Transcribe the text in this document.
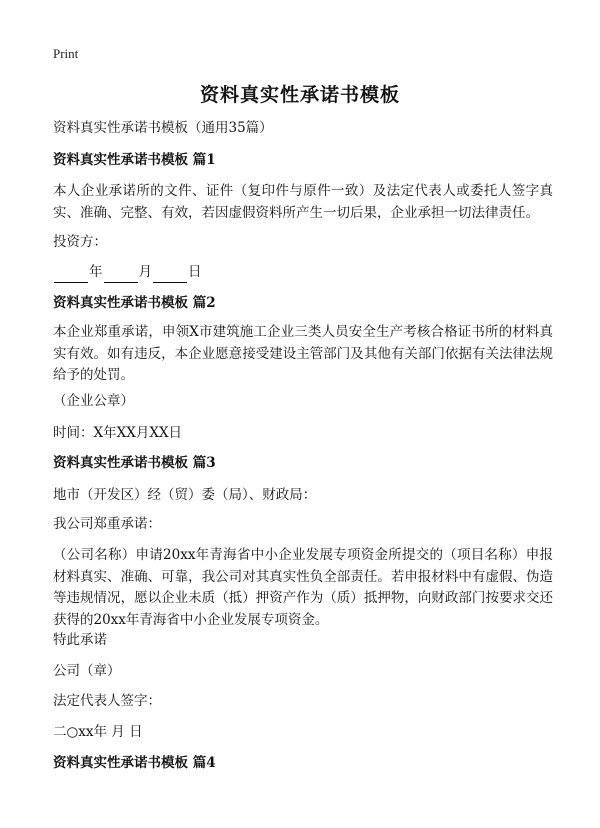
Print
资料真实性承诺书模板
资料真实性承诺书模板（通用35篇）
资料真实性承诺书模板 篇1
本人企业承诺所的文件、证件（复印件与原件一致）及法定代表人或委托人签字真实、准确、完整、有效，若因虚假资料所产生一切后果，企业承担一切法律责任。
投资方：
年	月	日
资料真实性承诺书模板 篇2
本企业郑重承诺，申领X市建筑施工企业三类人员安全生产考核合格证书所的材料真实有效。如有违反，本企业愿意接受建设主管部门及其他有关部门依据有关法律法规给予的处罚。
（企业公章）
时间：X年XX月XX日
资料真实性承诺书模板 篇3
地市（开发区）经（贸）委（局）、财政局：
我公司郑重承诺：
（公司名称）申请20xx年青海省中小企业发展专项资金所提交的（项目名称）申报材料真实、准确、可靠，我公司对其真实性负全部责任。若申报材料中有虚假、伪造等违规情况，愿以企业未质（抵）押资产作为（质）抵押物，向财政部门按要求交还获得的20xx年青海省中小企业发展专项资金。
特此承诺
公司（章）
法定代表人签字：
二○xx年 月 日
资料真实性承诺书模板 篇4
